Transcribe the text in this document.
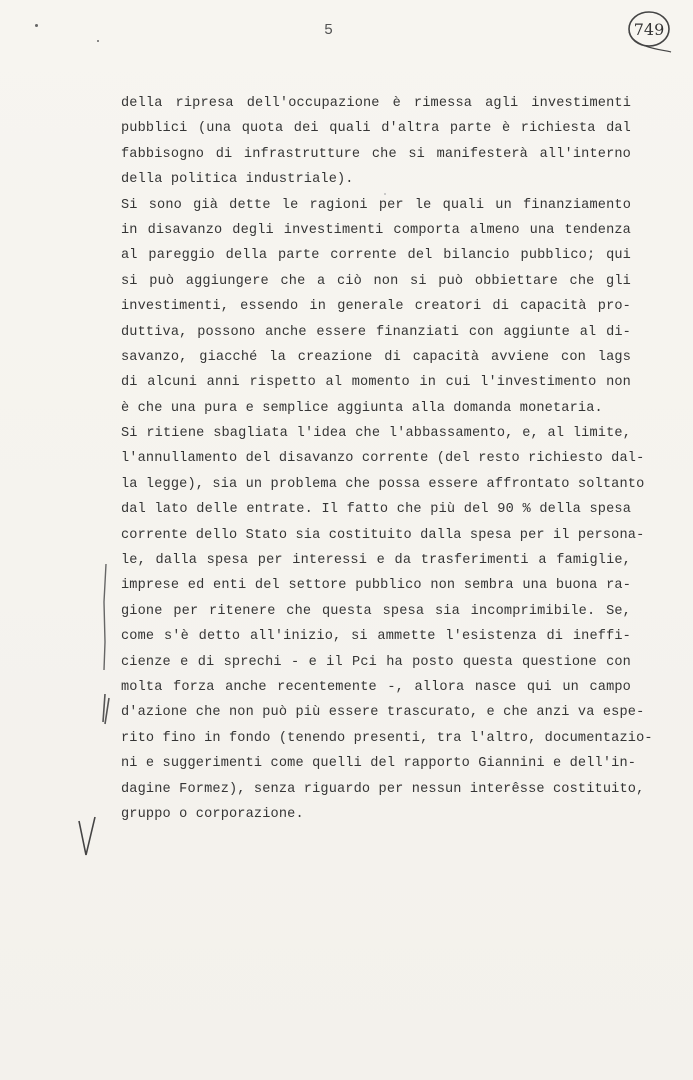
5	749

della ripresa dell'occupazione è rimessa agli investimenti
pubblici (una quota dei quali d'altra parte è richiesta dal
fabbisogno di infrastrutture che si manifesterà all'interno
della politica industriale).

Si sono già dette le ragioni per le quali un finanziamento
in disavanzo degli investimenti comporta almeno una tendenza
al pareggio della parte corrente del bilancio pubblico; qui
si può aggiungere che a ciò non si può obbiettare che gli
investimenti, essendo in generale creatori di capacità pro-
duttiva, possono anche essere finanziati con aggiunte al di-
savanzo, giacché la creazione di capacità avviene con lags
di alcuni anni rispetto al momento in cui l'investimento non
è che una pura e semplice aggiunta alla domanda monetaria.

Si ritiene sbagliata l'idea che l'abbassamento, e, al limite,
l'annullamento del disavanzo corrente (del resto richiesto dal-
la legge), sia un problema che possa essere affrontato soltanto
dal lato delle entrate. Il fatto che più del 90 % della spesa
corrente dello Stato sia costituito dalla spesa per il persona-
le, dalla spesa per interessi e da trasferimenti a famiglie,
imprese ed enti del settore pubblico non sembra una buona ra-
gione per ritenere che questa spesa sia incomprimibile. Se,
come s'è detto all'inizio, si ammette l'esistenza di ineffi-
cienze e di sprechi - e il Pci ha posto questa questione con
molta forza anche recentemente -, allora nasce qui un campo
d'azione che non può più essere trascurato, e che anzi va espe-
rito fino in fondo (tenendo presenti, tra l'altro, documentazio-
ni e suggerimenti come quelli del rapporto Giannini e dell'in-
dagine Formez), senza riguardo per nessun interêsse costituito,
gruppo o corporazione.
